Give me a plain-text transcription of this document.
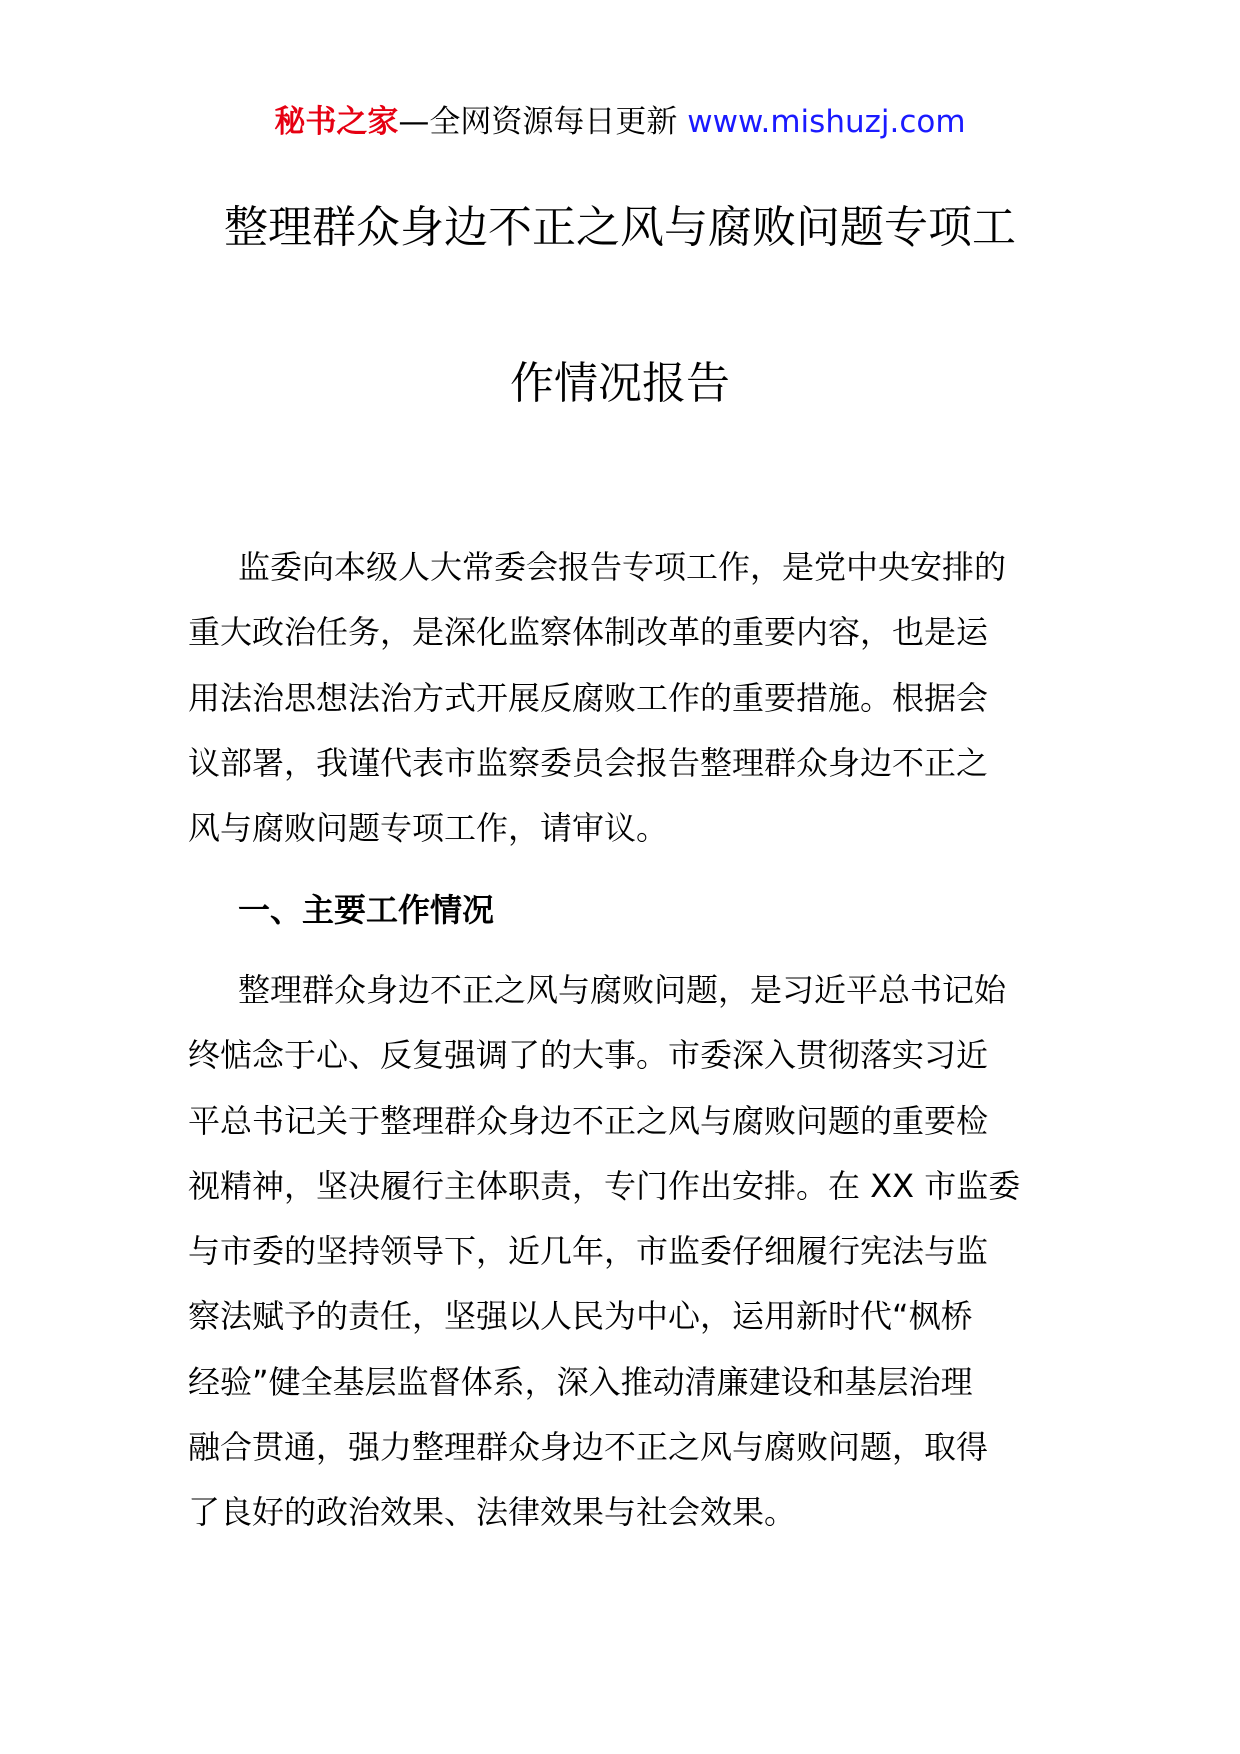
秘书之家—全网资源每日更新 www.mishuzj.com
整理群众身边不正之风与腐败问题专项工
作情况报告
监委向本级人大常委会报告专项工作，是党中央安排的
重大政治任务，是深化监察体制改革的重要内容，也是运
用法治思想法治方式开展反腐败工作的重要措施。根据会
议部署，我谨代表市监察委员会报告整理群众身边不正之
风与腐败问题专项工作，请审议。
一、主要工作情况
整理群众身边不正之风与腐败问题，是习近平总书记始
终惦念于心、反复强调了的大事。市委深入贯彻落实习近
平总书记关于整理群众身边不正之风与腐败问题的重要检
视精神，坚决履行主体职责，专门作出安排。在 XX 市监委
与市委的坚持领导下，近几年，市监委仔细履行宪法与监
察法赋予的责任，坚强以人民为中心，运用新时代“枫桥
经验”健全基层监督体系，深入推动清廉建设和基层治理
融合贯通，强力整理群众身边不正之风与腐败问题，取得
了良好的政治效果、法律效果与社会效果。
